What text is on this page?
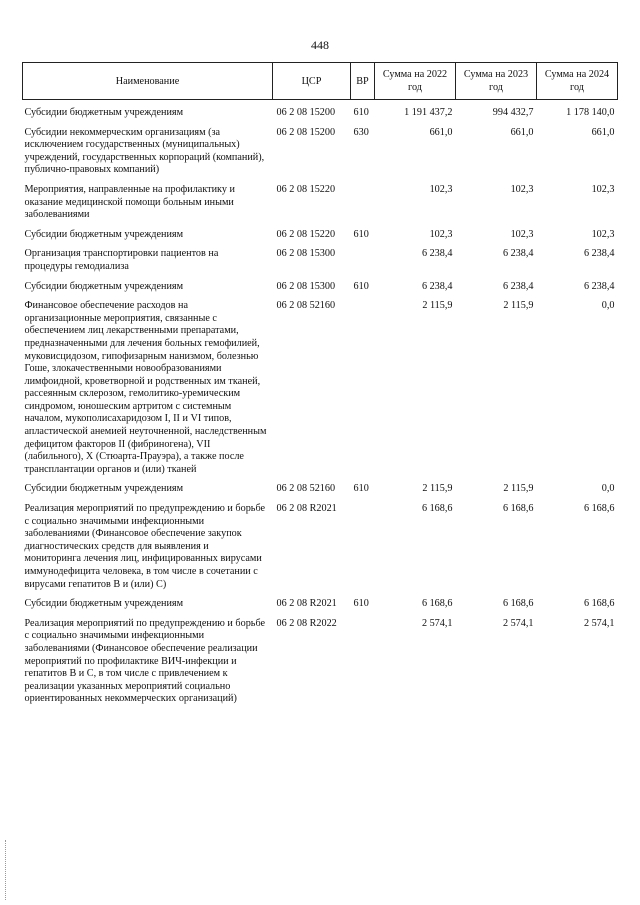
448
Наименование	ЦСР	ВР	Сумма на 2022 год	Сумма на 2023 год	Сумма на 2024 год
Субсидии бюджетным учреждениям	06 2 08 15200	610	1 191 437,2	994 432,7	1 178 140,0
Субсидии некоммерческим организациям (за исключением государственных (муниципальных) учреждений, государственных корпораций (компаний), публично-правовых компаний)	06 2 08 15200	630	661,0	661,0	661,0
Мероприятия, направленные на профилактику и оказание медицинской помощи больным иными заболеваниями	06 2 08 15220		102,3	102,3	102,3
Субсидии бюджетным учреждениям	06 2 08 15220	610	102,3	102,3	102,3
Организация транспортировки пациентов на процедуры гемодиализа	06 2 08 15300		6 238,4	6 238,4	6 238,4
Субсидии бюджетным учреждениям	06 2 08 15300	610	6 238,4	6 238,4	6 238,4
Финансовое обеспечение расходов на организационные мероприятия, связанные с обеспечением лиц лекарственными препаратами, предназначенными для лечения больных гемофилией, муковисцидозом, гипофизарным нанизмом, болезнью Гоше, злокачественными новообразованиями лимфоидной, кроветворной и родственных им тканей, рассеянным склерозом, гемолитико-уремическим синдромом, юношеским артритом с системным началом, мукополисахаридозом I, II и VI типов, апластической анемией неуточненной, наследственным дефицитом факторов II (фибриногена), VII (лабильного), X (Стюарта-Прауэра), а также после трансплантации органов и (или) тканей	06 2 08 52160		2 115,9	2 115,9	0,0
Субсидии бюджетным учреждениям	06 2 08 52160	610	2 115,9	2 115,9	0,0
Реализация мероприятий по предупреждению и борьбе с социально значимыми инфекционными заболеваниями (Финансовое обеспечение закупок диагностических средств для выявления и мониторинга лечения лиц, инфицированных вирусами иммунодефицита человека, в том числе в сочетании с вирусами гепатитов B и (или) C)	06 2 08 R2021		6 168,6	6 168,6	6 168,6
Субсидии бюджетным учреждениям	06 2 08 R2021	610	6 168,6	6 168,6	6 168,6
Реализация мероприятий по предупреждению и борьбе с социально значимыми инфекционными заболеваниями (Финансовое обеспечение реализации мероприятий по профилактике ВИЧ-инфекции и гепатитов B и C, в том числе с привлечением к реализации указанных мероприятий социально ориентированных некоммерческих организаций)	06 2 08 R2022		2 574,1	2 574,1	2 574,1
